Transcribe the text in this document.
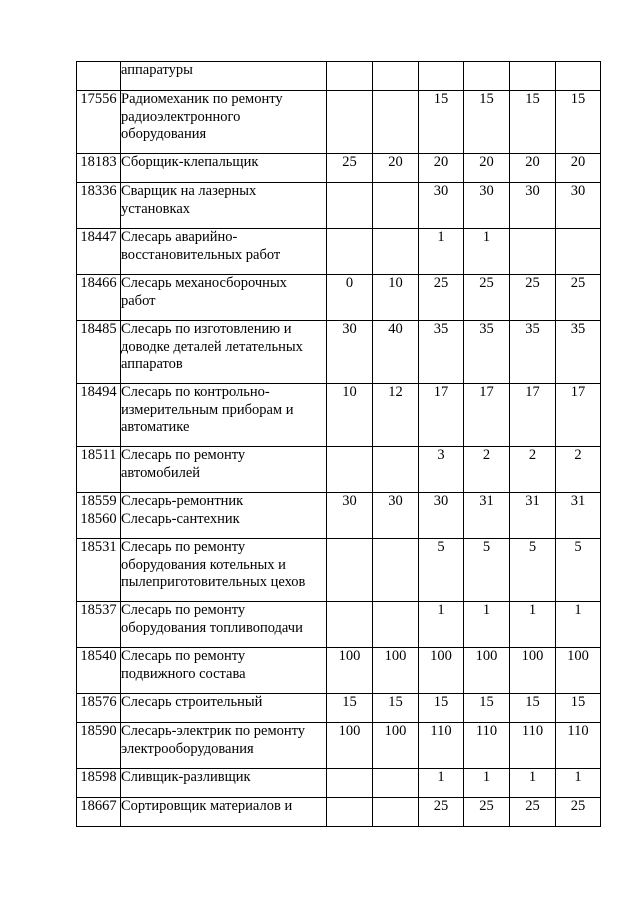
	аппаратуры						

17556	Радиомеханик по ремонту
радиоэлектронного
оборудования			15	15	15	15

18183	Сборщик-клепальщик	25	20	20	20	20	20

18336	Сварщик на лазерных
установках			30	30	30	30

18447	Слесарь аварийно-
восстановительных работ			1	1		

18466	Слесарь механосборочных
работ	0	10	25	25	25	25

18485	Слесарь по изготовлению и
доводке деталей летательных
аппаратов	30	40	35	35	35	35

18494	Слесарь по контрольно-
измерительным приборам и
автоматике	10	12	17	17	17	17

18511	Слесарь по ремонту
автомобилей			3	2	2	2

18559
18560	Слесарь-ремонтник
Слесарь-сантехник	30	30	30	31	31	31

18531	Слесарь по ремонту
оборудования котельных и
пылеприготовительных цехов			5	5	5	5

18537	Слесарь по ремонту
оборудования топливоподачи			1	1	1	1

18540	Слесарь по ремонту
подвижного состава	100	100	100	100	100	100

18576	Слесарь строительный	15	15	15	15	15	15

18590	Слесарь-электрик по ремонту
электрооборудования	100	100	110	110	110	110

18598	Сливщик-разливщик			1	1	1	1

18667	Сортировщик материалов и			25	25	25	25
